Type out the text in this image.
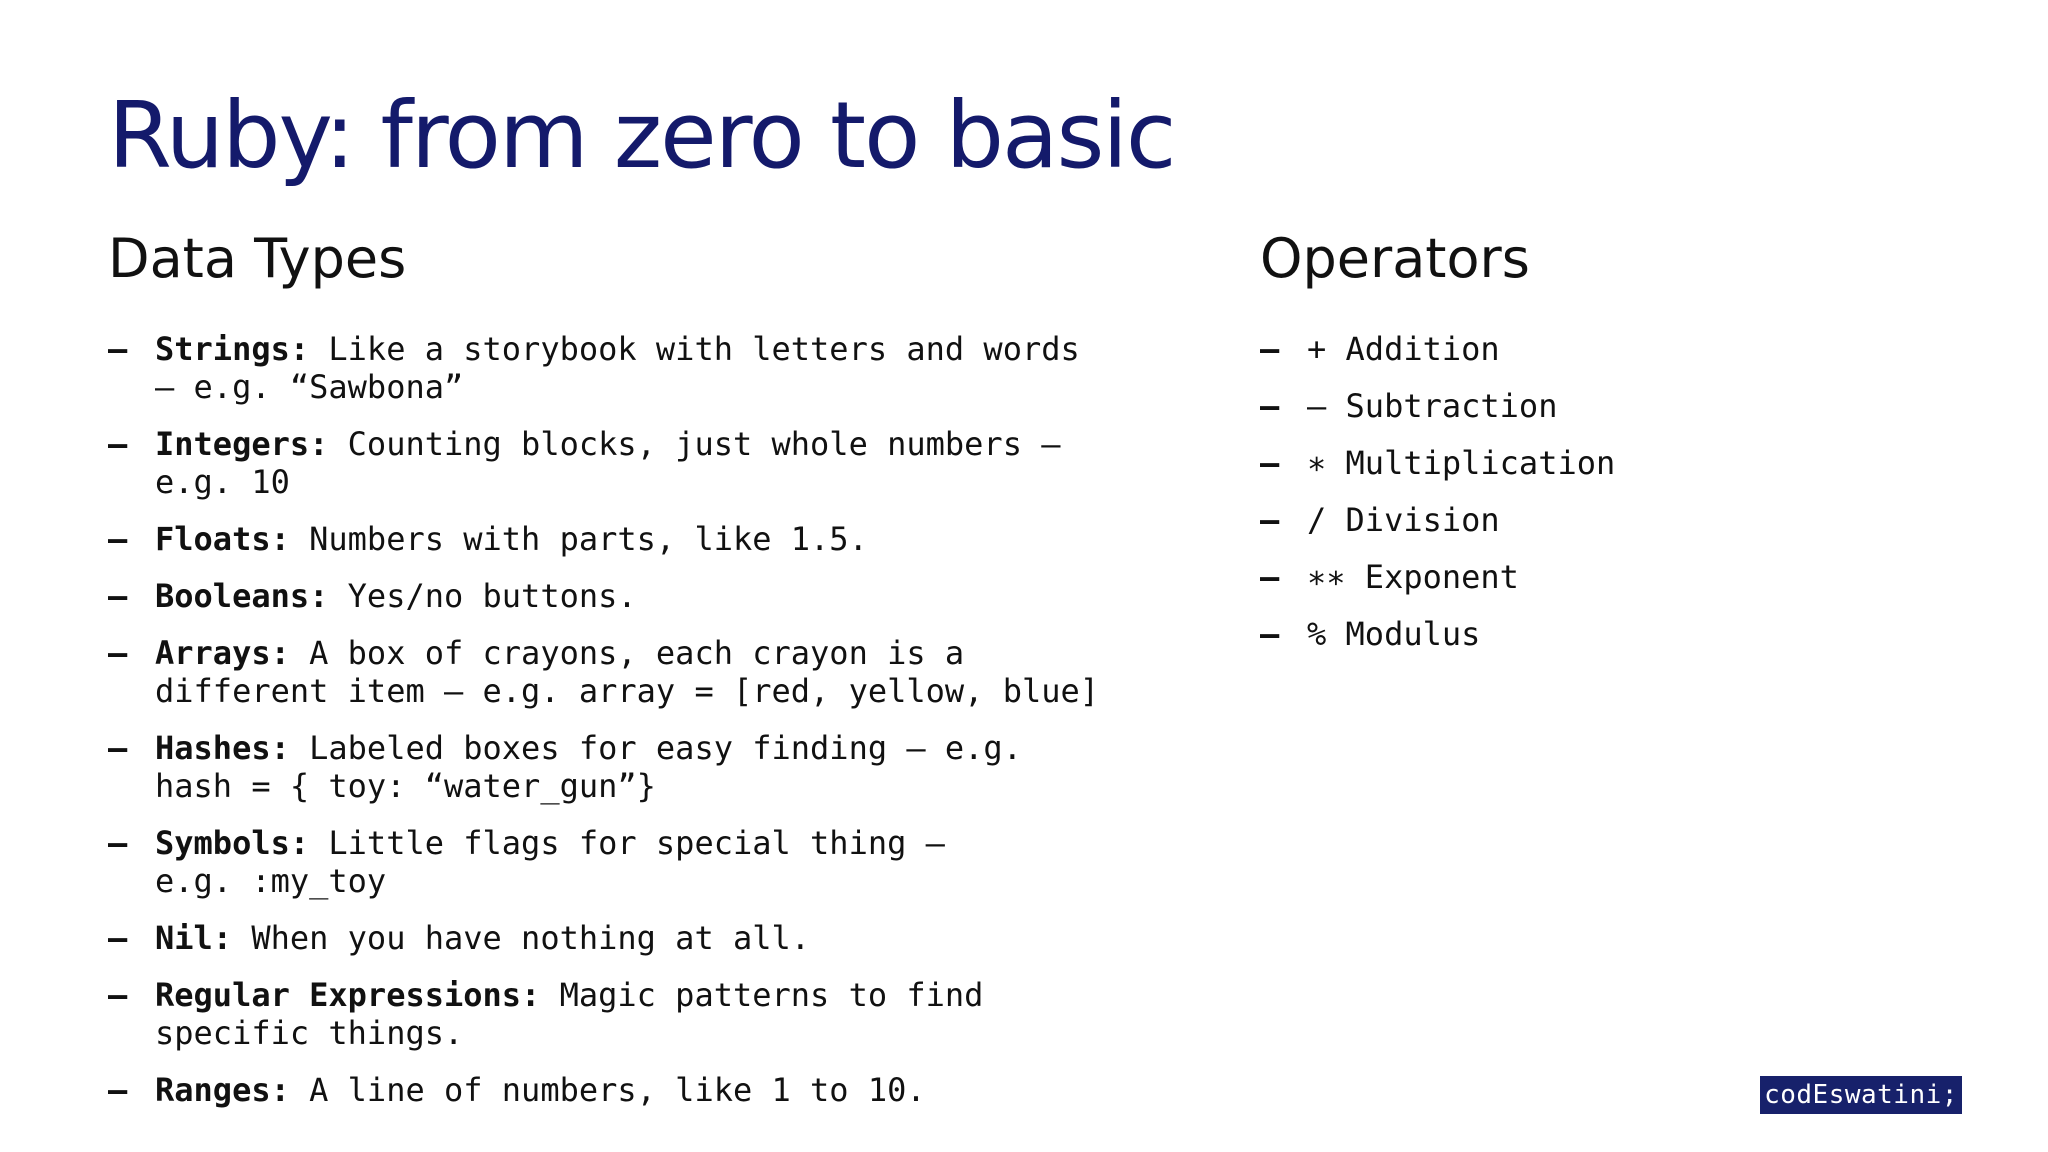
Ruby: from zero to basic
Data Types
– Strings: Like a storybook with letters and words
– e.g. “Sawbona”
– Integers: Counting blocks, just whole numbers –
e.g. 10
– Floats: Numbers with parts, like 1.5.
– Booleans: Yes/no buttons.
– Arrays: A box of crayons, each crayon is a
different item – e.g. array = [red, yellow, blue]
– Hashes: Labeled boxes for easy finding – e.g.
hash = { toy: “water_gun”}
– Symbols: Little flags for special thing –
e.g. :my_toy
– Nil: When you have nothing at all.
– Regular Expressions: Magic patterns to find
specific things.
– Ranges: A line of numbers, like 1 to 10.
Operators
– + Addition
– – Subtraction
– ∗ Multiplication
– / Division
– ∗∗ Exponent
– % Modulus
codEswatini;
